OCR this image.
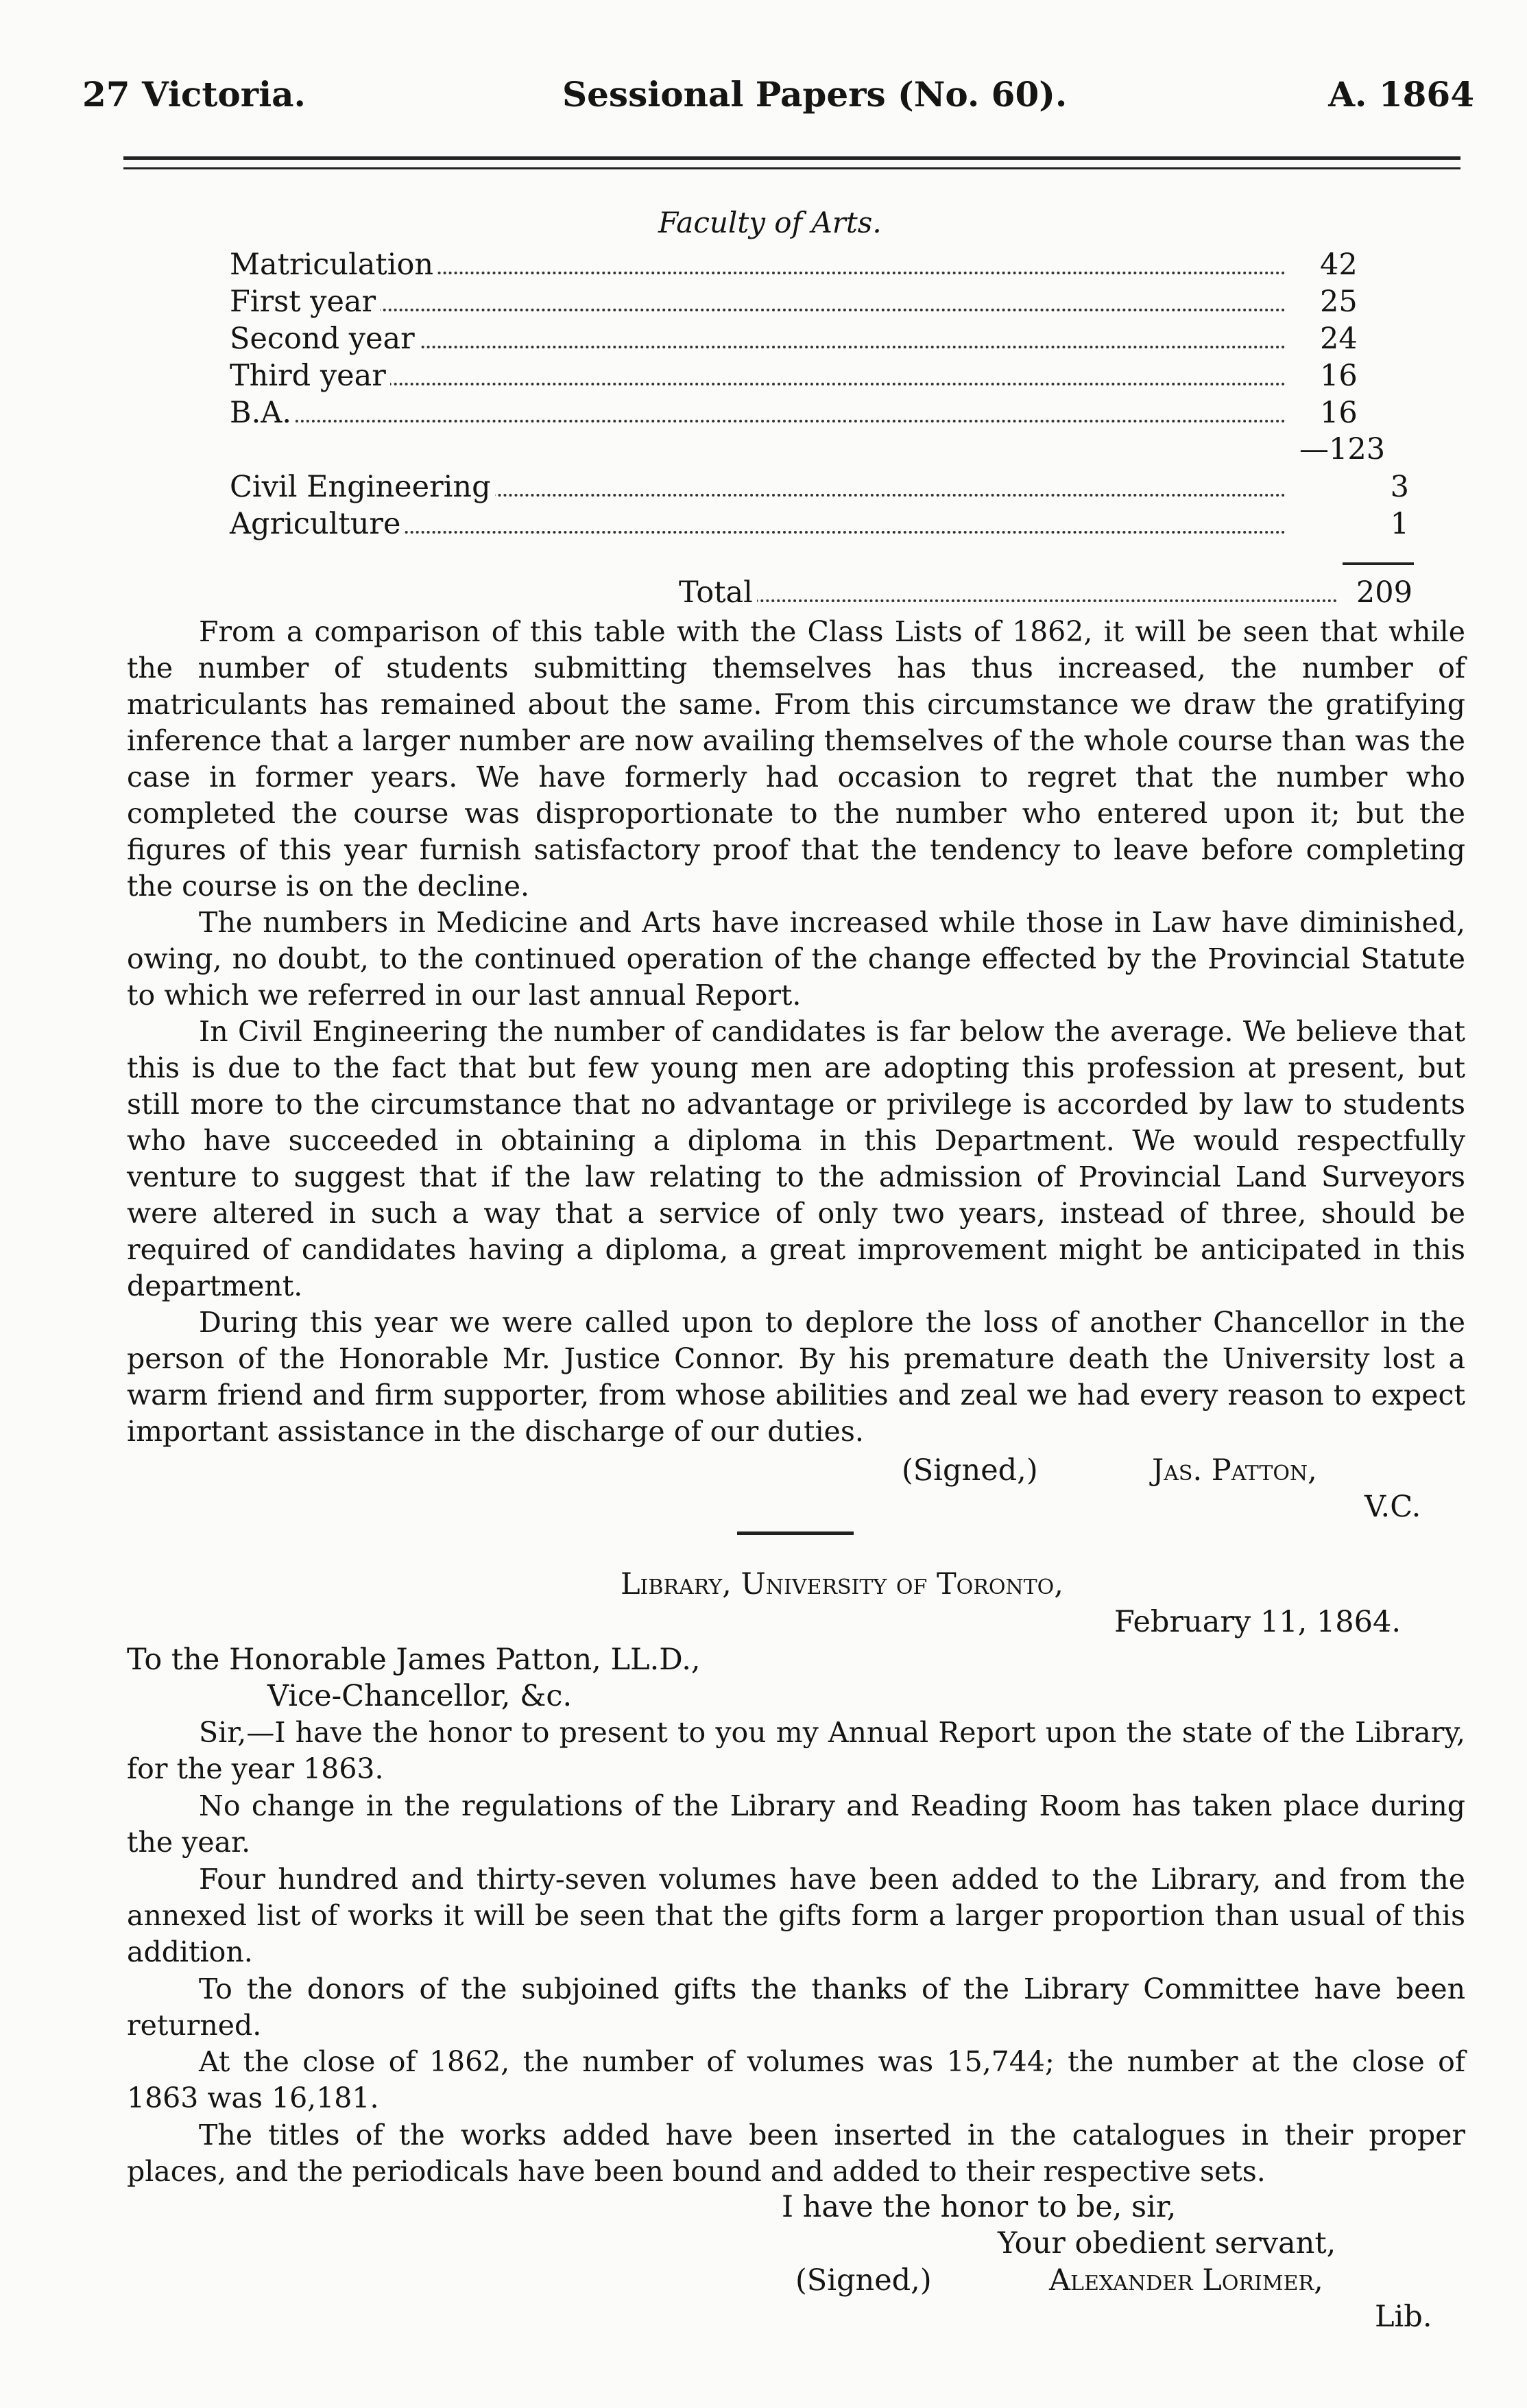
27 Victoria.	Sessional Papers (No. 60).	A. 1864
Faculty of Arts.
Matriculation	42
First year	25
Second year	24
Third year	16
B.A.	16
—123
Civil Engineering	3
Agriculture	1
Total	209

From a comparison of this table with the Class Lists of 1862, it will be seen that while the number of students submitting themselves has thus increased, the number of matriculants has remained about the same. From this circumstance we draw the gratifying inference that a larger number are now availing themselves of the whole course than was the case in former years. We have formerly had occasion to regret that the number who completed the course was disproportionate to the number who entered upon it; but the figures of this year furnish satisfactory proof that the tendency to leave before completing the course is on the decline.

The numbers in Medicine and Arts have increased while those in Law have diminished, owing, no doubt, to the continued operation of the change effected by the Provincial Statute to which we referred in our last annual Report.

In Civil Engineering the number of candidates is far below the average. We believe that this is due to the fact that but few young men are adopting this profession at present, but still more to the circumstance that no advantage or privilege is accorded by law to students who have succeeded in obtaining a diploma in this Department. We would respectfully venture to suggest that if the law relating to the admission of Provincial Land Surveyors were altered in such a way that a service of only two years, instead of three, should be required of candidates having a diploma, a great improvement might be anticipated in this department.

During this year we were called upon to deplore the loss of another Chancellor in the person of the Honorable Mr. Justice Connor. By his premature death the University lost a warm friend and firm supporter, from whose abilities and zeal we had every reason to expect important assistance in the discharge of our duties.

(Signed,)	Jas. Patton,
V.C.
Library, University of Toronto,
February 11, 1864.
To the Honorable James Patton, LL.D.,
Vice-Chancellor, &c.

Sir,—I have the honor to present to you my Annual Report upon the state of the Library, for the year 1863.

No change in the regulations of the Library and Reading Room has taken place during the year.

Four hundred and thirty-seven volumes have been added to the Library, and from the annexed list of works it will be seen that the gifts form a larger proportion than usual of this addition.

To the donors of the subjoined gifts the thanks of the Library Committee have been returned.

At the close of 1862, the number of volumes was 15,744; the number at the close of 1863 was 16,181.

The titles of the works added have been inserted in the catalogues in their proper places, and the periodicals have been bound and added to their respective sets.

I have the honor to be, sir,
Your obedient servant,
(Signed,)	Alexander Lorimer,
Lib.
